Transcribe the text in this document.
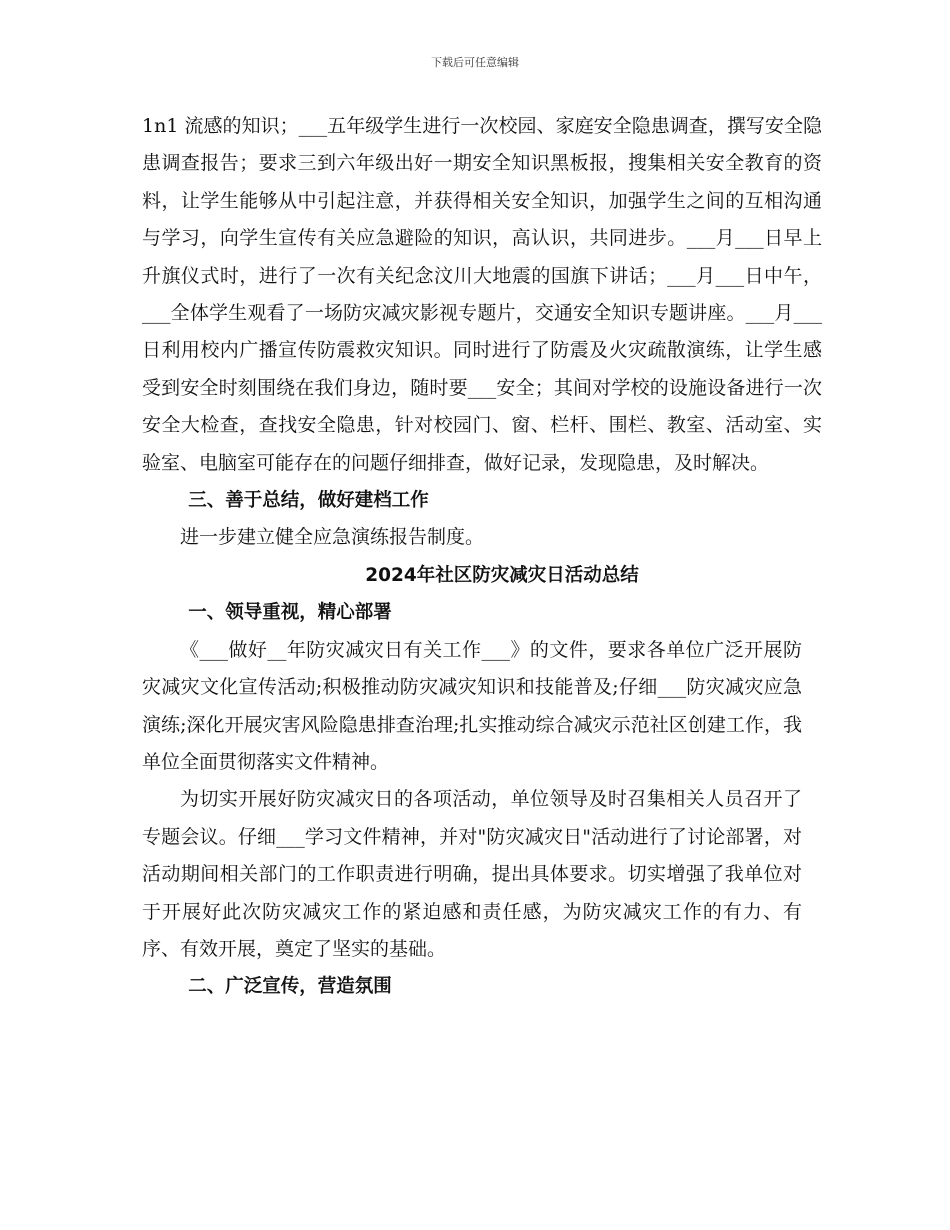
下载后可任意编辑

1n1 流感的知识；___五年级学生进行一次校园、家庭安全隐患调查，撰写安全隐患调查报告；要求三到六年级出好一期安全知识黑板报，搜集相关安全教育的资料，让学生能够从中引起注意，并获得相关安全知识，加强学生之间的互相沟通与学习，向学生宣传有关应急避险的知识，高认识，共同进步。___月___日早上升旗仪式时，进行了一次有关纪念汶川大地震的国旗下讲话；___月___日中午，___全体学生观看了一场防灾减灾影视专题片，交通安全知识专题讲座。___月___日利用校内广播宣传防震救灾知识。同时进行了防震及火灾疏散演练，让学生感受到安全时刻围绕在我们身边，随时要___安全；其间对学校的设施设备进行一次安全大检查，查找安全隐患，针对校园门、窗、栏杆、围栏、教室、活动室、实验室、电脑室可能存在的问题仔细排查，做好记录，发现隐患，及时解决。

三、善于总结，做好建档工作

进一步建立健全应急演练报告制度。

2024年社区防灾减灾日活动总结

一、领导重视，精心部署

《___做好__年防灾减灾日有关工作___》的文件，要求各单位广泛开展防灾减灾文化宣传活动;积极推动防灾减灾知识和技能普及;仔细___防灾减灾应急演练;深化开展灾害风险隐患排查治理;扎实推动综合减灾示范社区创建工作，我单位全面贯彻落实文件精神。

为切实开展好防灾减灾日的各项活动，单位领导及时召集相关人员召开了专题会议。仔细___学习文件精神，并对"防灾减灾日"活动进行了讨论部署，对活动期间相关部门的工作职责进行明确，提出具体要求。切实增强了我单位对于开展好此次防灾减灾工作的紧迫感和责任感，为防灾减灾工作的有力、有序、有效开展，奠定了坚实的基础。

二、广泛宣传，营造氛围
